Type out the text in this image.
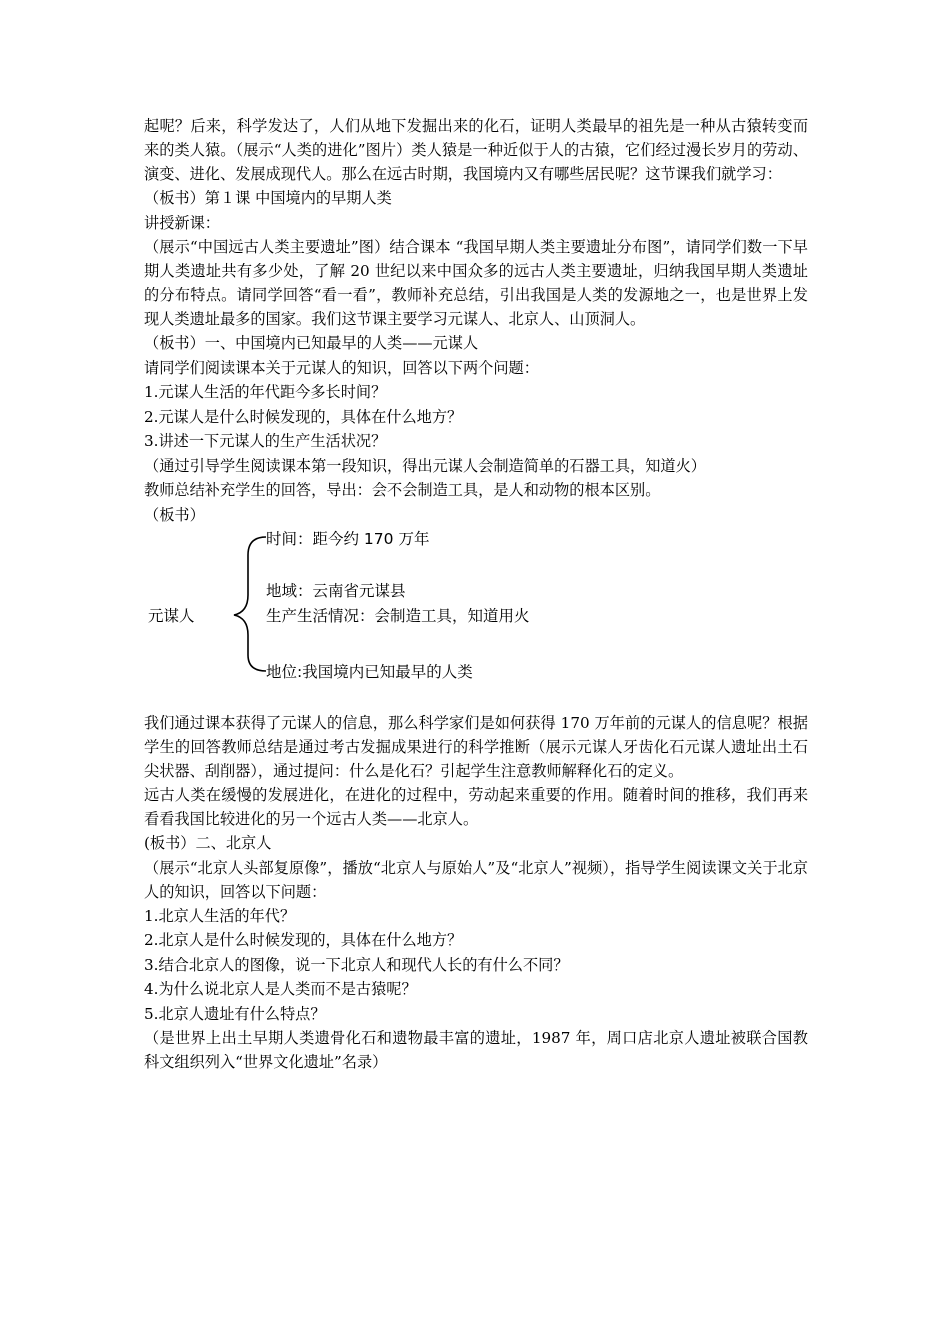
起呢？后来，科学发达了，人们从地下发掘出来的化石，证明人类最早的祖先是一种从古猿转变而来的类人猿。（展示“人类的进化”图片）类人猿是一种近似于人的古猿，它们经过漫长岁月的劳动、演变、进化、发展成现代人。那么在远古时期，我国境内又有哪些居民呢？这节课我们就学习：

（板书）第１课 中国境内的早期人类

讲授新课：

（展示“中国远古人类主要遗址”图）结合课本 “我国早期人类主要遗址分布图”，请同学们数一下早期人类遗址共有多少处，了解 20 世纪以来中国众多的远古人类主要遗址，归纳我国早期人类遗址的分布特点。请同学回答“看一看”，教师补充总结，引出我国是人类的发源地之一，也是世界上发现人类遗址最多的国家。我们这节课主要学习元谋人、北京人、山顶洞人。

（板书）一、中国境内已知最早的人类——元谋人

请同学们阅读课本关于元谋人的知识，回答以下两个问题：

1.元谋人生活的年代距今多长时间？

2.元谋人是什么时候发现的，具体在什么地方？

3.讲述一下元谋人的生产生活状况？

（通过引导学生阅读课本第一段知识，得出元谋人会制造简单的石器工具，知道火）

教师总结补充学生的回答，导出：会不会制造工具，是人和动物的根本区别。

（板书）

元谋人
时间：距今约 170 万年
地域：云南省元谋县
生产生活情况：会制造工具，知道用火
地位:我国境内已知最早的人类

我们通过课本获得了元谋人的信息，那么科学家们是如何获得 170 万年前的元谋人的信息呢？根据学生的回答教师总结是通过考古发掘成果进行的科学推断（展示元谋人牙齿化石元谋人遗址出土石尖状器、刮削器），通过提问：什么是化石？引起学生注意教师解释化石的定义。

远古人类在缓慢的发展进化，在进化的过程中，劳动起来重要的作用。随着时间的推移，我们再来看看我国比较进化的另一个远古人类——北京人。

(板书）二、北京人

（展示“北京人头部复原像”，播放“北京人与原始人”及“北京人”视频），指导学生阅读课文关于北京人的知识，回答以下问题：

1.北京人生活的年代？

2.北京人是什么时候发现的，具体在什么地方？

3.结合北京人的图像，说一下北京人和现代人长的有什么不同？

4.为什么说北京人是人类而不是古猿呢？

5.北京人遗址有什么特点？

（是世界上出土早期人类遗骨化石和遗物最丰富的遗址，1987 年，周口店北京人遗址被联合国教科文组织列入“世界文化遗址”名录）
